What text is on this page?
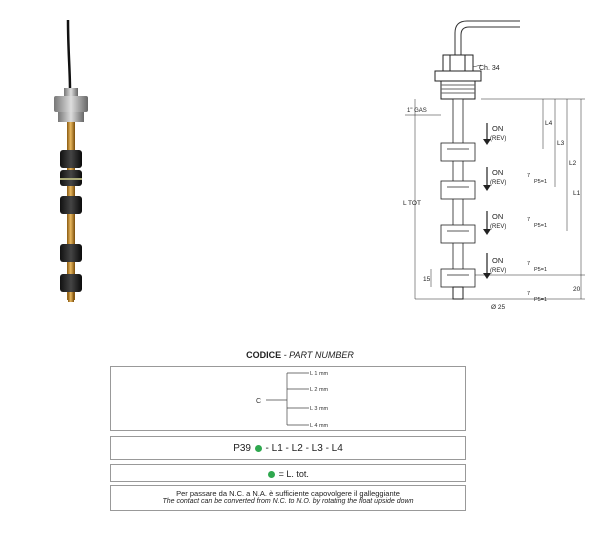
Ch. 34
1" GAS
ON
ON
ON
ON
(REV)
(REV)
(REV)
(REV)
L4
L3
L2
L1
L TOT
15
20
Ø 25
7
7
7
7
P5=1
P5=1
P5=1
P5=1
CODICE - PART NUMBER
C
L 1 mm
L 2 mm
L 3 mm
L 4 mm
P39  - L1 - L2 - L3 - L4
= L. tot.
Per passare da N.C. a N.A. è sufficiente capovolgere il galleggiante
The contact can be converted from N.C. to N.O. by rotating the float upside down
